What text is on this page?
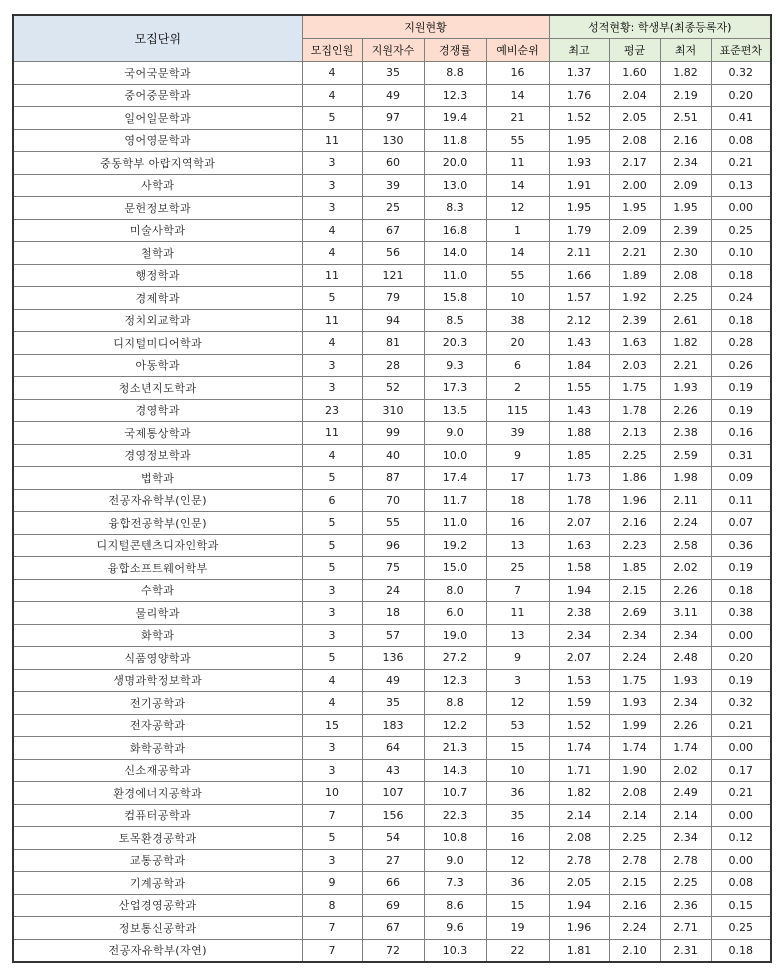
모집단위	지원현황				성적현황: 학생부(최종등록자)			
	모집인원	지원자수	경쟁률	예비순위	최고	평균	최저	표준편차
국어국문학과	4	35	8.8	16	1.37	1.60	1.82	0.32
중어중문학과	4	49	12.3	14	1.76	2.04	2.19	0.20
일어일문학과	5	97	19.4	21	1.52	2.05	2.51	0.41
영어영문학과	11	130	11.8	55	1.95	2.08	2.16	0.08
중동학부 아랍지역학과	3	60	20.0	11	1.93	2.17	2.34	0.21
사학과	3	39	13.0	14	1.91	2.00	2.09	0.13
문헌정보학과	3	25	8.3	12	1.95	1.95	1.95	0.00
미술사학과	4	67	16.8	1	1.79	2.09	2.39	0.25
철학과	4	56	14.0	14	2.11	2.21	2.30	0.10
행정학과	11	121	11.0	55	1.66	1.89	2.08	0.18
경제학과	5	79	15.8	10	1.57	1.92	2.25	0.24
정치외교학과	11	94	8.5	38	2.12	2.39	2.61	0.18
디지털미디어학과	4	81	20.3	20	1.43	1.63	1.82	0.28
아동학과	3	28	9.3	6	1.84	2.03	2.21	0.26
청소년지도학과	3	52	17.3	2	1.55	1.75	1.93	0.19
경영학과	23	310	13.5	115	1.43	1.78	2.26	0.19
국제통상학과	11	99	9.0	39	1.88	2.13	2.38	0.16
경영정보학과	4	40	10.0	9	1.85	2.25	2.59	0.31
법학과	5	87	17.4	17	1.73	1.86	1.98	0.09
전공자유학부(인문)	6	70	11.7	18	1.78	1.96	2.11	0.11
융합전공학부(인문)	5	55	11.0	16	2.07	2.16	2.24	0.07
디지털콘텐츠디자인학과	5	96	19.2	13	1.63	2.23	2.58	0.36
융합소프트웨어학부	5	75	15.0	25	1.58	1.85	2.02	0.19
수학과	3	24	8.0	7	1.94	2.15	2.26	0.18
물리학과	3	18	6.0	11	2.38	2.69	3.11	0.38
화학과	3	57	19.0	13	2.34	2.34	2.34	0.00
식품영양학과	5	136	27.2	9	2.07	2.24	2.48	0.20
생명과학정보학과	4	49	12.3	3	1.53	1.75	1.93	0.19
전기공학과	4	35	8.8	12	1.59	1.93	2.34	0.32
전자공학과	15	183	12.2	53	1.52	1.99	2.26	0.21
화학공학과	3	64	21.3	15	1.74	1.74	1.74	0.00
신소재공학과	3	43	14.3	10	1.71	1.90	2.02	0.17
환경에너지공학과	10	107	10.7	36	1.82	2.08	2.49	0.21
컴퓨터공학과	7	156	22.3	35	2.14	2.14	2.14	0.00
토목환경공학과	5	54	10.8	16	2.08	2.25	2.34	0.12
교통공학과	3	27	9.0	12	2.78	2.78	2.78	0.00
기계공학과	9	66	7.3	36	2.05	2.15	2.25	0.08
산업경영공학과	8	69	8.6	15	1.94	2.16	2.36	0.15
정보통신공학과	7	67	9.6	19	1.96	2.24	2.71	0.25
전공자유학부(자연)	7	72	10.3	22	1.81	2.10	2.31	0.18
